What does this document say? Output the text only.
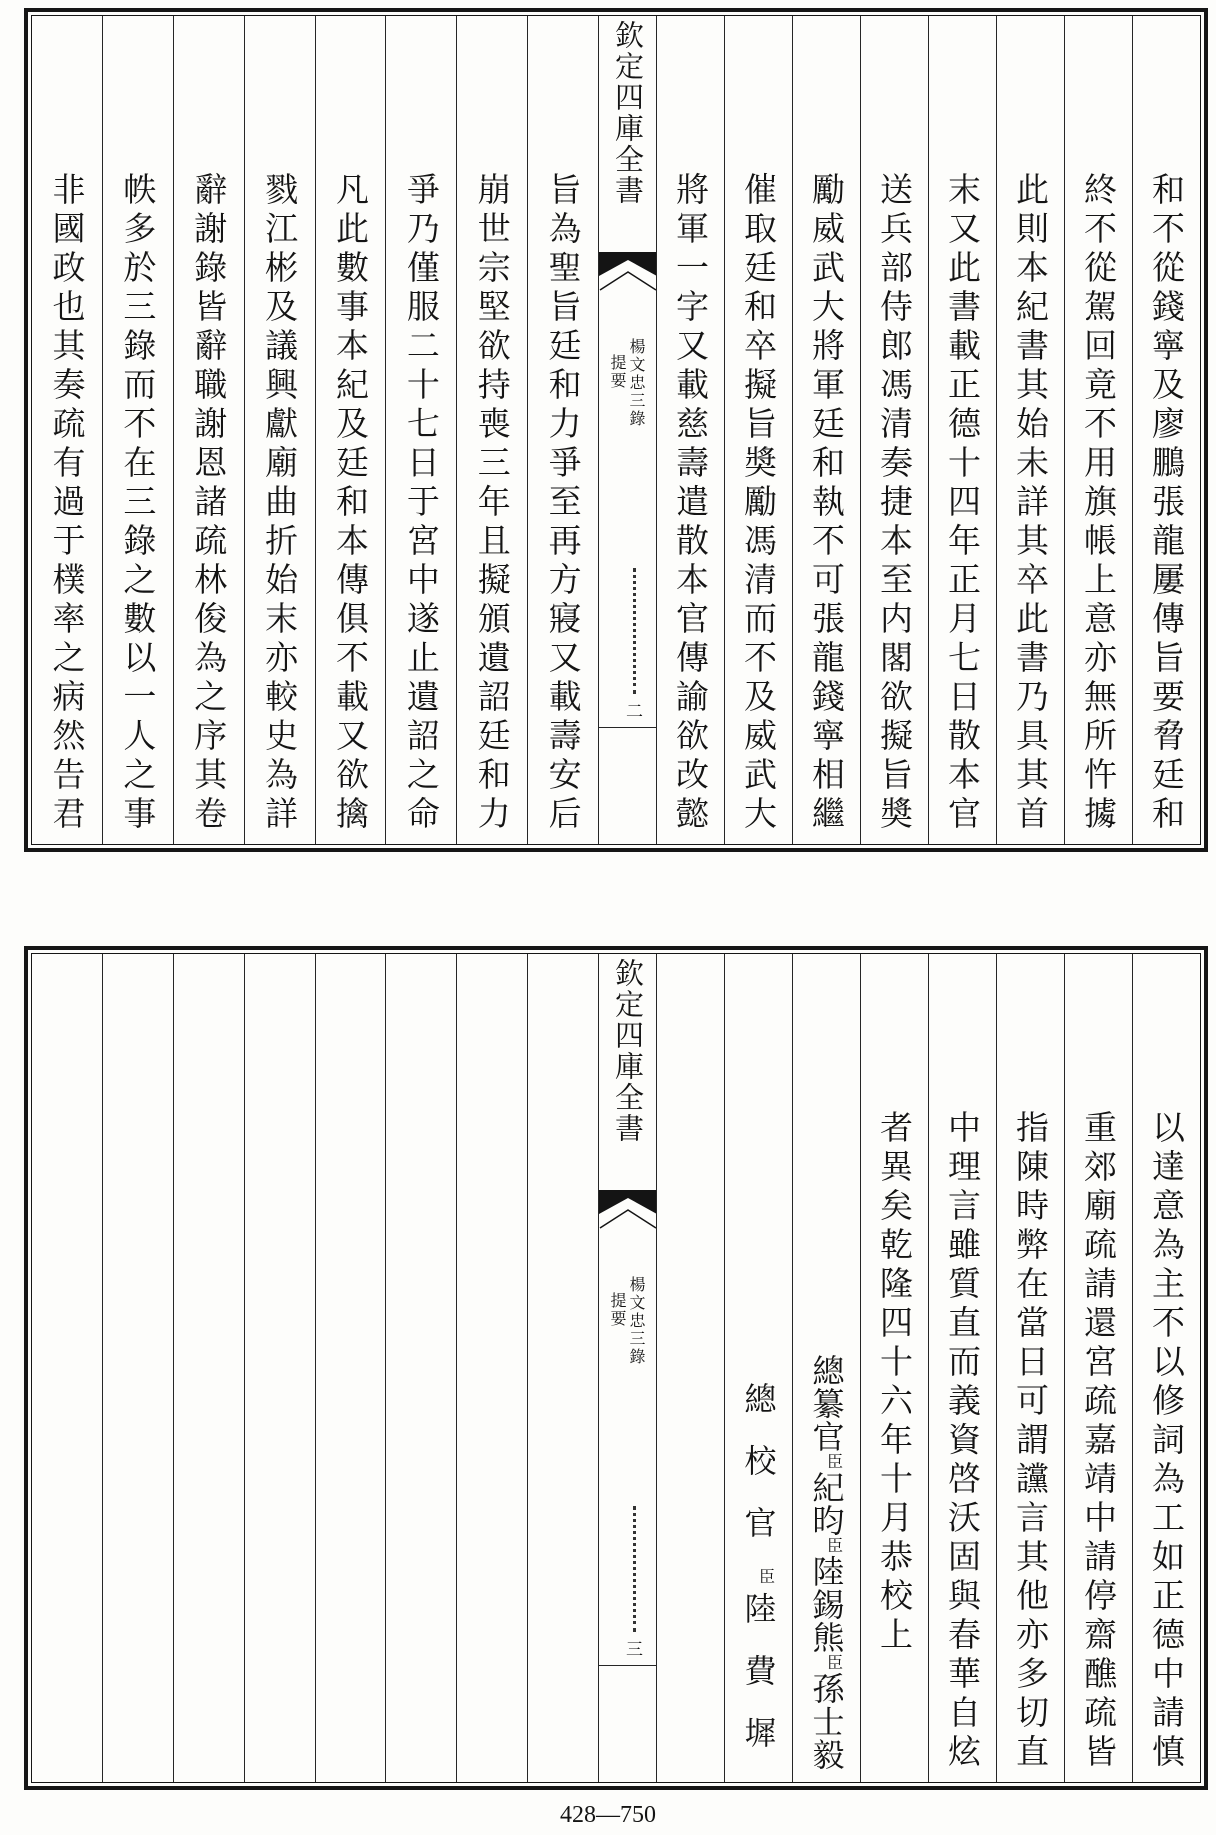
和不從錢寧及廖鵬張龍屢傳旨要脅廷和
終不從駕回竟不用旗帳上意亦無所忤㩀
此則本紀書其始未詳其卒此書乃具其首
末又此書載正德十四年正月七日散本官
送兵部侍郎馮清奏捷本至内閣欲擬旨奬
勵威武大將軍廷和執不可張龍錢寧相繼
催取廷和卒擬旨奬勵馮清而不及威武大
將軍一字又載慈壽遣散本官傳諭欲改懿
欽定四庫全書
楊文忠三錄
提要
二
旨為聖旨廷和力爭至再方寢又載壽安后
崩世宗堅欲持喪三年且擬頒遺詔廷和力
爭乃僅服二十七日于宮中遂止遺詔之命
凡此數事本紀及廷和本傳俱不載又欲擒
戮江彬及議興獻廟曲折始末亦較史為詳
辭謝錄皆辭職謝恩諸疏林俊為之序其卷
帙多於三錄而不在三錄之數以一人之事
非國政也其奏疏有過于樸率之病然告君
以達意為主不以修詞為工如正德中請慎
重郊廟疏請還宮疏嘉靖中請停齋醮疏皆
指陳時弊在當日可謂讜言其他亦多切直
中理言雖質直而義資啓沃固與春華自炫
者異矣乾隆四十六年十月恭校上
總纂官臣紀昀臣陸錫熊臣孫士毅
總校官臣陸費墀
欽定四庫全書
楊文忠三錄
提要
三
428—750
